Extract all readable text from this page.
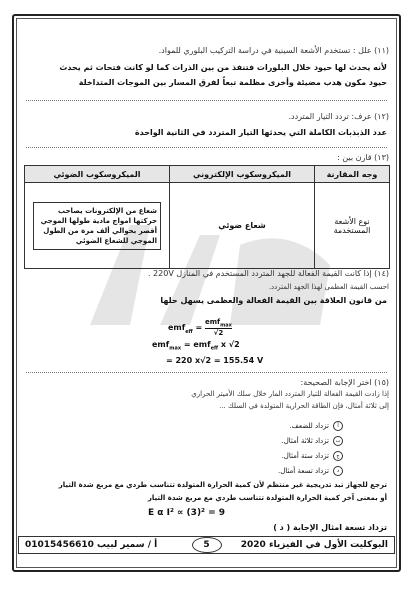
(١١) علل : تستخدم الأشعة السينية في دراسة التركيب البلوري للمواد.
لأنه يحدث لها حيود خلال البلورات فتنفذ من بين الذرات كما لو كانت فتحات ثم يحدث
حيود مكون هدب مضيئة وأخرى مظلمة تبعاً لفرق المسار بين الموجات المتداخلة
(١٢) عرف: تردد التيار المتردد.
عدد الذبذبات الكاملة التي يحدثها التيار المتردد في الثانية الواحدة
(١٣) قارن بين :
وجه المقارنة	الميكروسكوب الإلكتروني	الميكروسكوب الضوئي
نوع الأشعة المستخدمة	شعاع ضوئي	شعاع من الإلكترونات يصاحب حركتها امواج مادية طولها الموجي أقصر بحوالي ألف مرة من الطول الموجي للشعاع الضوئي
(١٤) إذا كانت القيمة الفعالة للجهد المتردد المستخدم في المنازل 220V .
احسب القيمة العظمى لهذا الجهد المتردد.
من قانون العلاقة بين القيمة الفعالة والعظمى يسهل حلها
emf$_{eff}$ =
emf$_{max}$
√2
emf$_{max}$ = emf$_{eff}$ x √2
= 220 x√2 = 155.54 V
(١٥) اختر الإجابة الصحيحة:
إذا زادت القيمة الفعالة للتيار المتردد المار خلال سلك الأميتر الحراري
إلى ثلاثة أمثال، فإن الطاقة الحرارية المتولدة في السلك ...
أ
تزداد للضعف.
ب
تزداد ثلاثة أمثال.
ج
تزداد ستة أمثال.
د
تزداد تسعة أمثال.
ترجع للجهاز تبد تدريجية غير منتظم لأن كمية الحرارة المتولدة تتناسب طردي مع مربع شدة التيار
أو بمعنى آخر كمية الحرارة المتولدة تتناسب طردي مع مربع شدة التيار
E α I² ∝ (3)² = 9
تزداد تسعة امثال الإجابة ( د )
أ / سمير لبيب 01015456610	5	البوكليت الأول في الفيزياء 2020
